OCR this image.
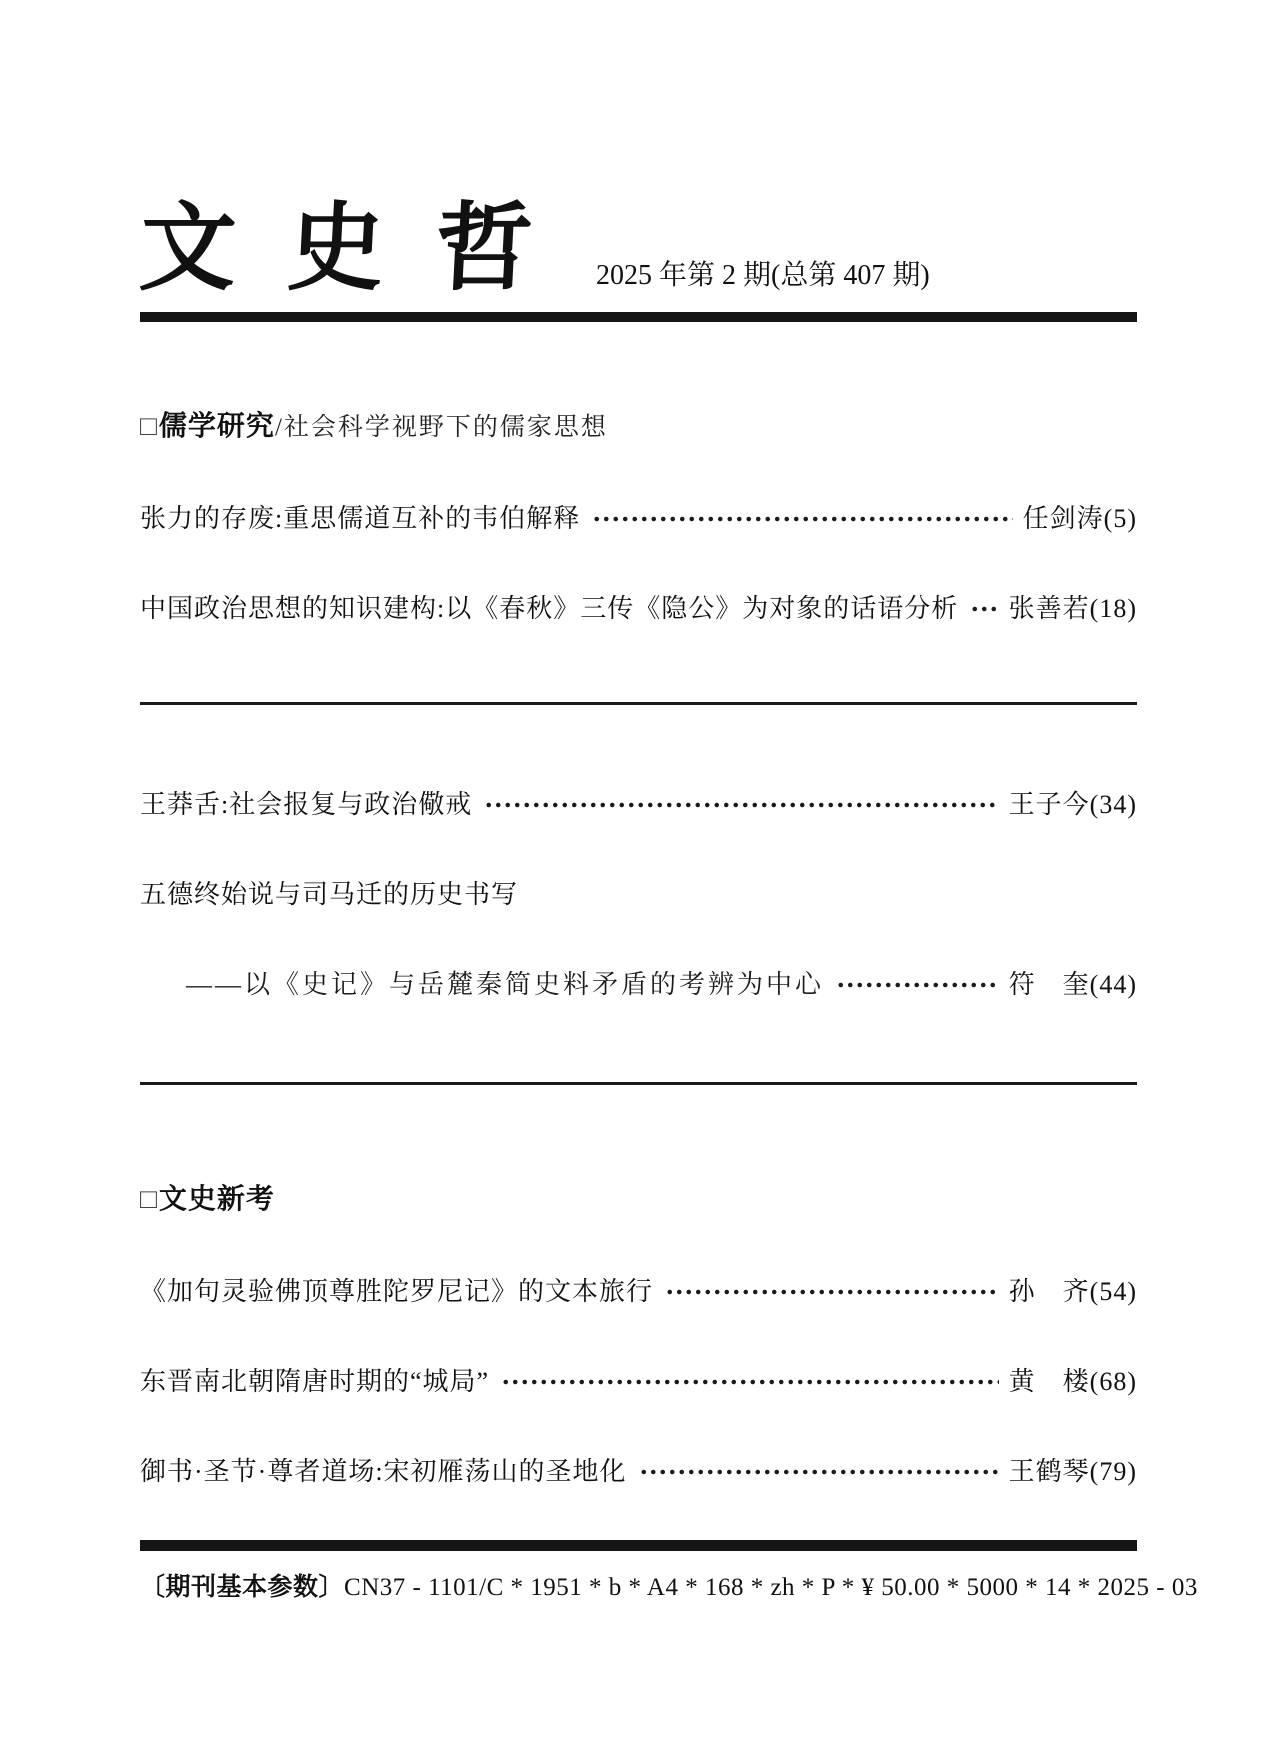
文史哲 2025 年第 2 期(总第 407 期)
□ 儒学研究 /社会科学视野下的儒家思想
张力的存废:重思儒道互补的韦伯解释	任剑涛(5)
中国政治思想的知识建构:以《春秋》三传《隐公》为对象的话语分析 张善若(18)
王莽舌:社会报复与政治儆戒	王子今(34)
五德终始说与司马迁的历史书写
——以《史记》与岳麓秦简史料矛盾的考辨为中心	符　奎(44)
□ 文史新考
《加句灵验佛顶尊胜陀罗尼记》的文本旅行	孙　齐(54)
东晋南北朝隋唐时期的“城局”	黄　楼(68)
御书·圣节·尊者道场:宋初雁荡山的圣地化	王鹤琴(79)
〔期刊基本参数〕 CN37 - 1101/C * 1951 * b * A4 * 168 * zh * P * ¥ 50.00 * 5000 * 14 * 2025 - 03
